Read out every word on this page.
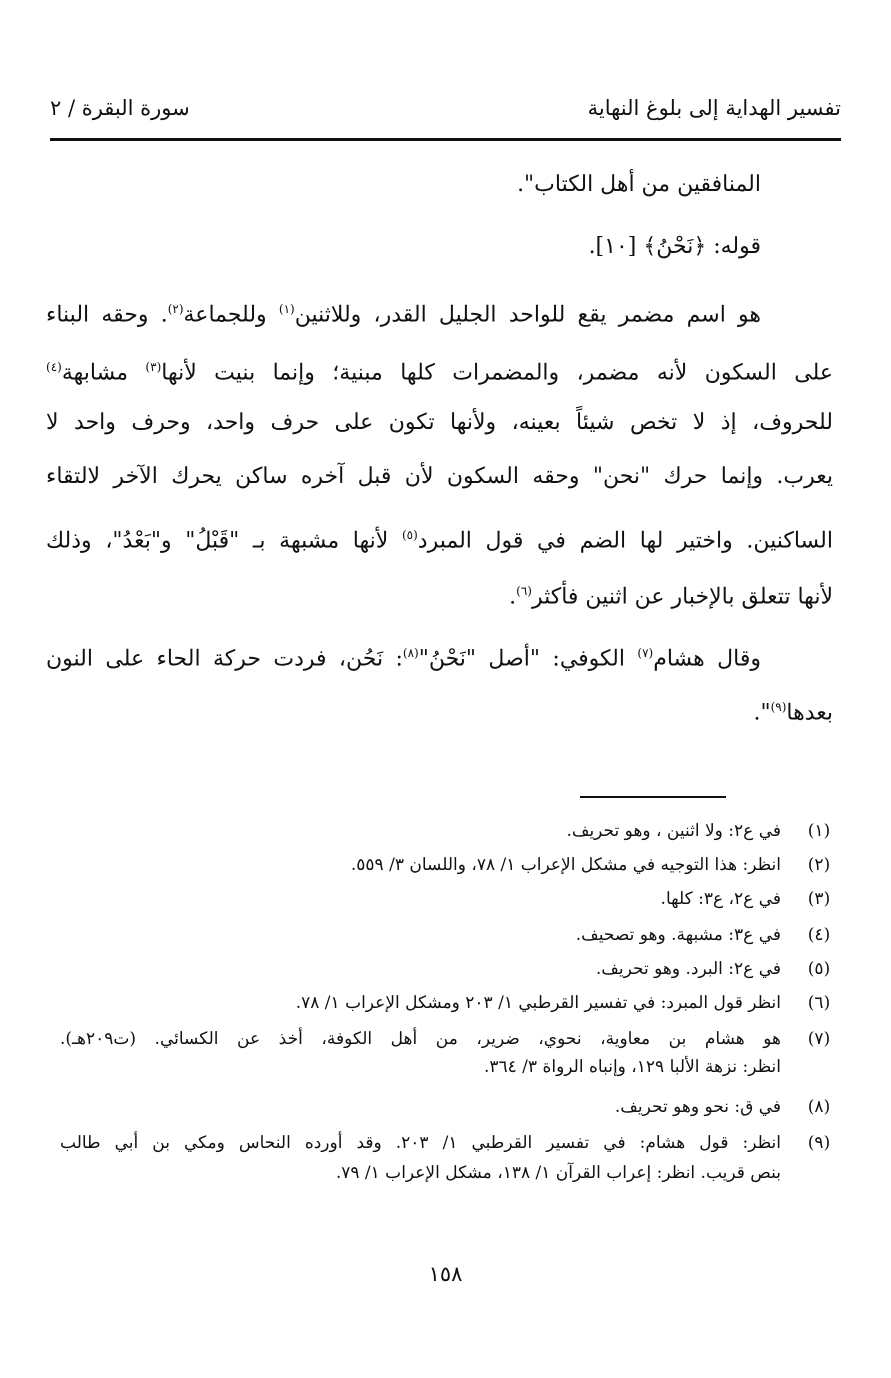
تفسير الهداية إلى بلوغ النهاية
سورة البقرة / ٢
المنافقين من أهل الكتاب".
قوله: ﴿نَحْنُ﴾ [١٠].
هو اسم مضمر يقع للواحد الجليل القدر، وللاثنين$^{(١)}$ وللجماعة$^{(٢)}$. وحقه البناء
على السكون لأنه مضمر، والمضمرات كلها مبنية؛ وإنما بنيت لأنها$^{(٣)}$ مشابهة$^{(٤)}$
للحروف، إذ لا تخص شيئاً بعينه، ولأنها تكون على حرف واحد، وحرف واحد لا
يعرب. وإنما حرك "نحن" وحقه السكون لأن قبل آخره ساكن يحرك الآخر لالتقاء
الساكنين. واختير لها الضم في قول المبرد$^{(٥)}$ لأنها مشبهة بـ "قَبْلُ" و"بَعْدُ"، وذلك
لأنها تتعلق بالإخبار عن اثنين فأكثر$^{(٦)}$.
وقال هشام$^{(٧)}$ الكوفي: "أصل "نَحْنُ"$^{(٨)}$: نَحُن، فردت حركة الحاء على النون
بعدها$^{(٩)}$".
(١)
في ع٢: ولا اثنين ، وهو تحريف.
(٢)
انظر: هذا التوجيه في مشكل الإعراب ١/ ٧٨، واللسان ٣/ ٥٥٩.
(٣)
في ع٢، ع٣: كلها.
(٤)
في ع٣: مشبهة. وهو تصحيف.
(٥)
في ع٢: البرد. وهو تحريف.
(٦)
انظر قول المبرد: في تفسير القرطبي ١/ ٢٠٣ ومشكل الإعراب ١/ ٧٨.
(٧)
هو هشام بن معاوية، نحوي، ضرير، من أهل الكوفة، أخذ عن الكسائي. (ت٢٠٩هـ).
انظر: نزهة الألبا ١٢٩، وإنباه الرواة ٣/ ٣٦٤.
(٨)
في ق: نحو وهو تحريف.
(٩)
انظر: قول هشام: في تفسير القرطبي ١/ ٢٠٣. وقد أورده النحاس ومكي بن أبي طالب
بنص قريب. انظر: إعراب القرآن ١/ ١٣٨، مشكل الإعراب ١/ ٧٩.
١٥٨
